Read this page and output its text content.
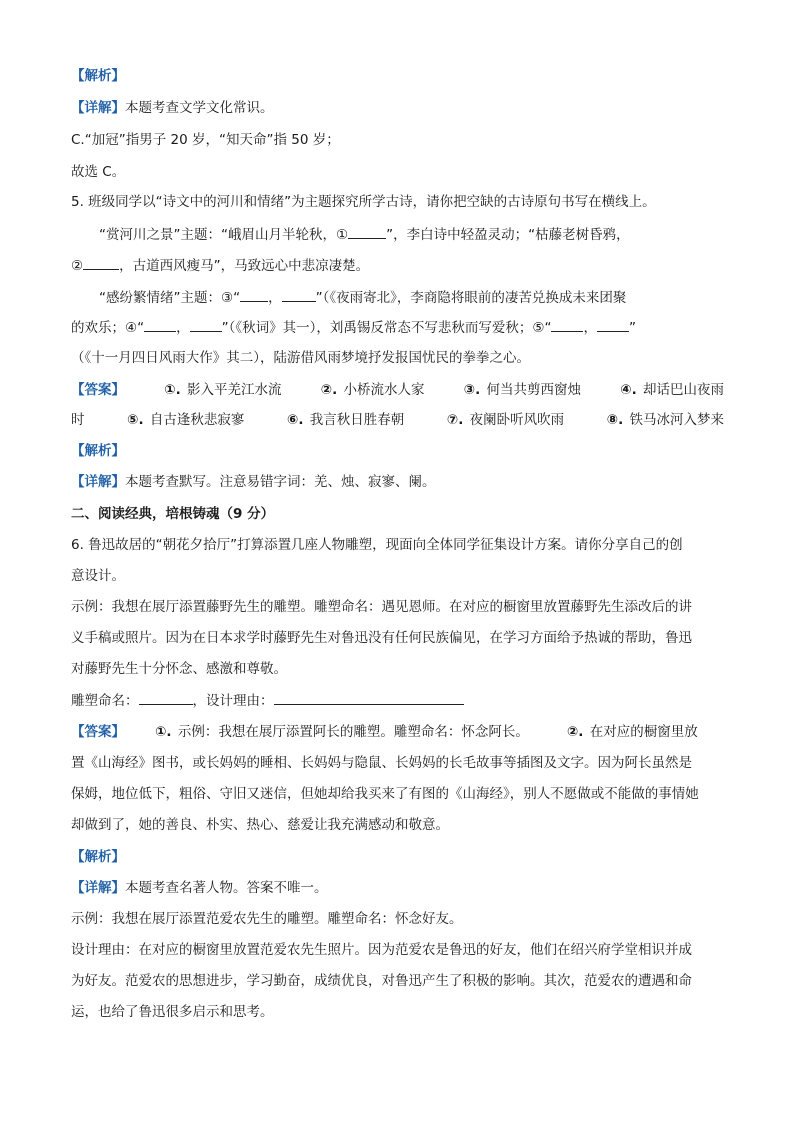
【解析】
【详解】本题考查文学文化常识。
C.“加冠”指男子 20 岁，“知天命”指 50 岁；
故选 C。
5. 班级同学以“诗文中的河川和情绪”为主题探究所学古诗，请你把空缺的古诗原句书写在横线上。
“赏河川之景”主题：“峨眉山月半轮秋，①	”，李白诗中轻盈灵动；“枯藤老树昏鸦，
②	，古道西风瘦马”，马致远心中悲凉凄楚。
“感纷繁情绪”主题：③“ ，	”（《夜雨寄北》，李商隐将眼前的凄苦兑换成未来团聚
的欢乐；④“ ， ”（《秋词》其一），刘禹锡反常态不写悲秋而写爱秋；⑤“ ， ”
（《十一月四日风雨大作》其二），陆游借风雨梦境抒发报国忧民的拳拳之心。
【答案】	①. 影入平羌江水流	②. 小桥流水人家	③. 何当共剪西窗烛	④. 却话巴山夜雨
时	⑤. 自古逢秋悲寂寥	⑥. 我言秋日胜春朝	⑦. 夜阑卧听风吹雨	⑧. 铁马冰河入梦来
【解析】
【详解】本题考查默写。注意易错字词：羌、烛、寂寥、阑。
二、阅读经典，培根铸魂（9 分）
6. 鲁迅故居的“朝花夕拾厅”打算添置几座人物雕塑，现面向全体同学征集设计方案。请你分享自己的创
意设计。
示例：我想在展厅添置藤野先生的雕塑。雕塑命名：遇见恩师。在对应的橱窗里放置藤野先生添改后的讲
义手稿或照片。因为在日本求学时藤野先生对鲁迅没有任何民族偏见，在学习方面给予热诚的帮助，鲁迅
对藤野先生十分怀念、感激和尊敬。
雕塑命名：	，设计理由：
【答案】 ①. 示例：我想在展厅添置阿长的雕塑。雕塑命名：怀念阿长。	②. 在对应的橱窗里放
置《山海经》图书，或长妈妈的睡相、长妈妈与隐鼠、长妈妈的长毛故事等插图及文字。因为阿长虽然是
保姆，地位低下，粗俗、守旧又迷信，但她却给我买来了有图的《山海经》，别人不愿做或不能做的事情她
却做到了，她的善良、朴实、热心、慈爱让我充满感动和敬意。
【解析】
【详解】本题考查名著人物。答案不唯一。
示例：我想在展厅添置范爱农先生的雕塑。雕塑命名：怀念好友。
设计理由：在对应的橱窗里放置范爱农先生照片。因为范爱农是鲁迅的好友，他们在绍兴府学堂相识并成
为好友。范爱农的思想进步，学习勤奋，成绩优良，对鲁迅产生了积极的影响。其次，范爱农的遭遇和命
运，也给了鲁迅很多启示和思考。
